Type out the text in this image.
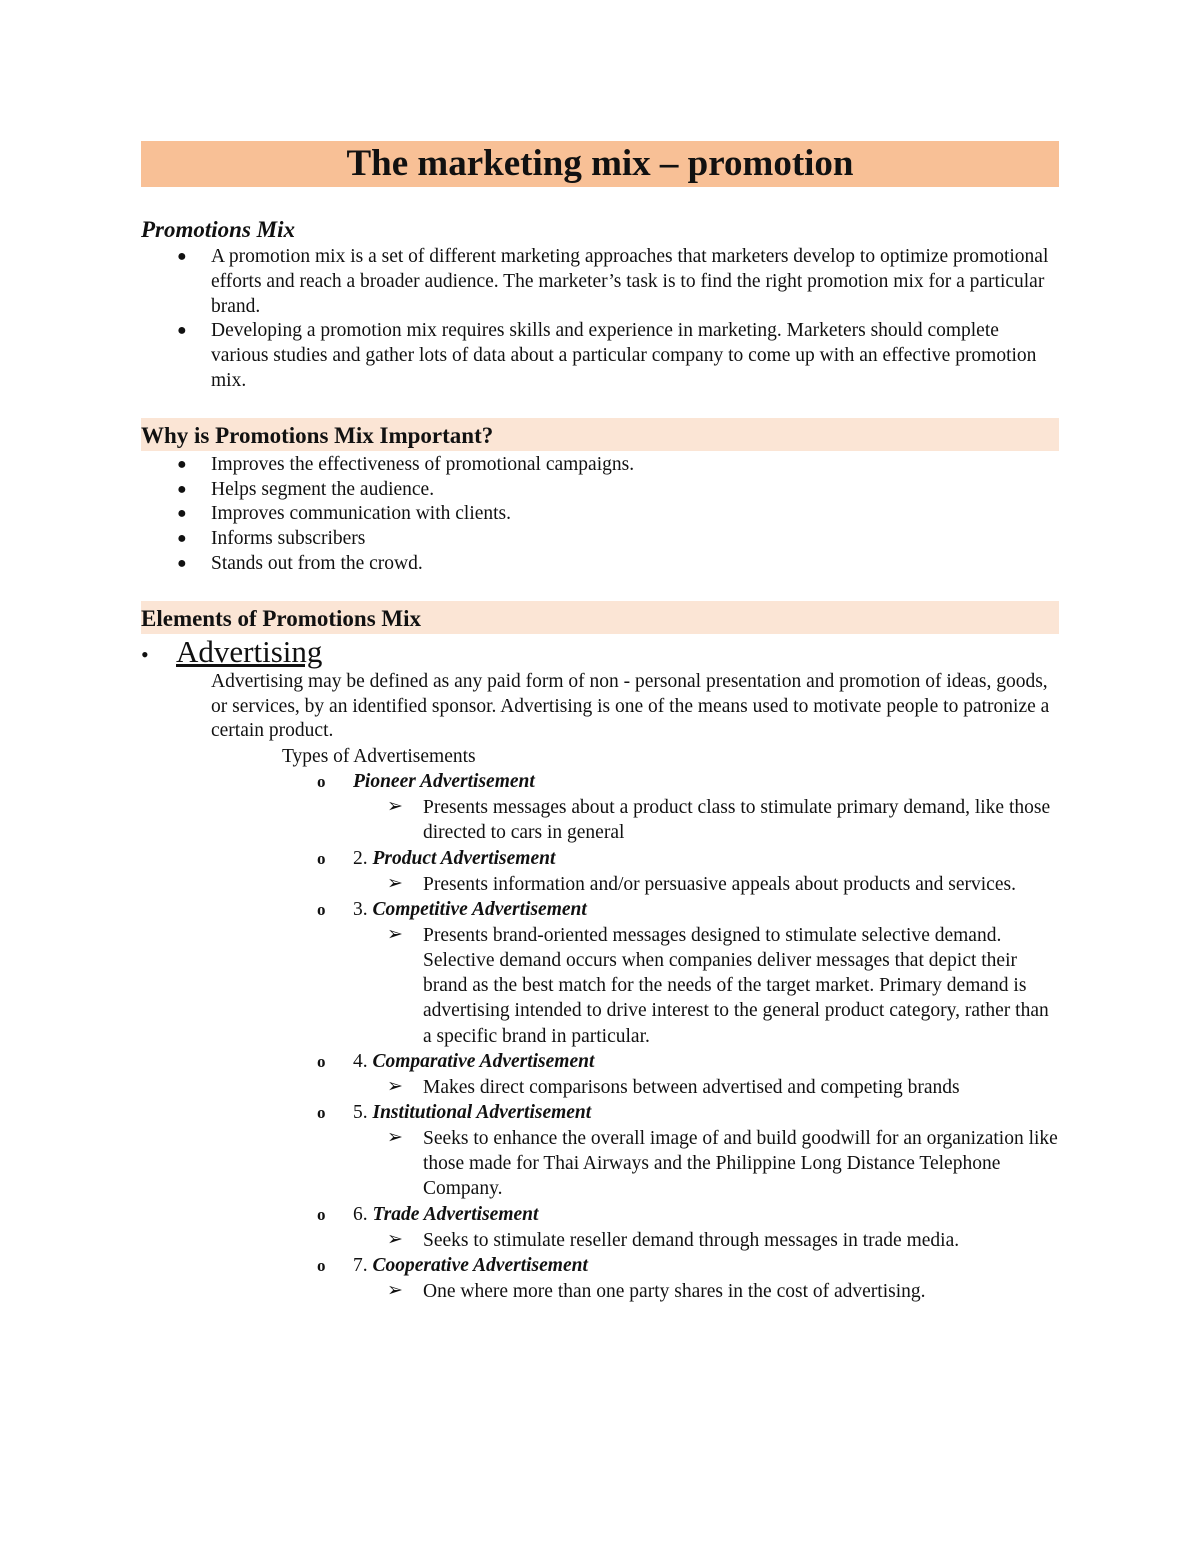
The marketing mix – promotion
Promotions Mix
● A promotion mix is a set of different marketing approaches that marketers develop to optimize promotional efforts and reach a broader audience. The marketer’s task is to find the right promotion mix for a particular brand.
● Developing a promotion mix requires skills and experience in marketing. Marketers should complete various studies and gather lots of data about a particular company to come up with an effective promotion mix.
Why is Promotions Mix Important?
● Improves the effectiveness of promotional campaigns.
● Helps segment the audience.
● Improves communication with clients.
● Informs subscribers
● Stands out from the crowd.
Elements of Promotions Mix
• Advertising
Advertising may be defined as any paid form of non - personal presentation and promotion of ideas, goods, or services, by an identified sponsor. Advertising is one of the means used to motivate people to patronize a certain product.
Types of Advertisements
o Pioneer Advertisement
➢ Presents messages about a product class to stimulate primary demand, like those directed to cars in general
o 2. Product Advertisement
➢ Presents information and/or persuasive appeals about products and services.
o 3. Competitive Advertisement
➢ Presents brand-oriented messages designed to stimulate selective demand. Selective demand occurs when companies deliver messages that depict their brand as the best match for the needs of the target market. Primary demand is advertising intended to drive interest to the general product category, rather than a specific brand in particular.
o 4. Comparative Advertisement
➢ Makes direct comparisons between advertised and competing brands
o 5. Institutional Advertisement
➢ Seeks to enhance the overall image of and build goodwill for an organization like those made for Thai Airways and the Philippine Long Distance Telephone Company.
o 6. Trade Advertisement
➢ Seeks to stimulate reseller demand through messages in trade media.
o 7. Cooperative Advertisement
➢ One where more than one party shares in the cost of advertising.
